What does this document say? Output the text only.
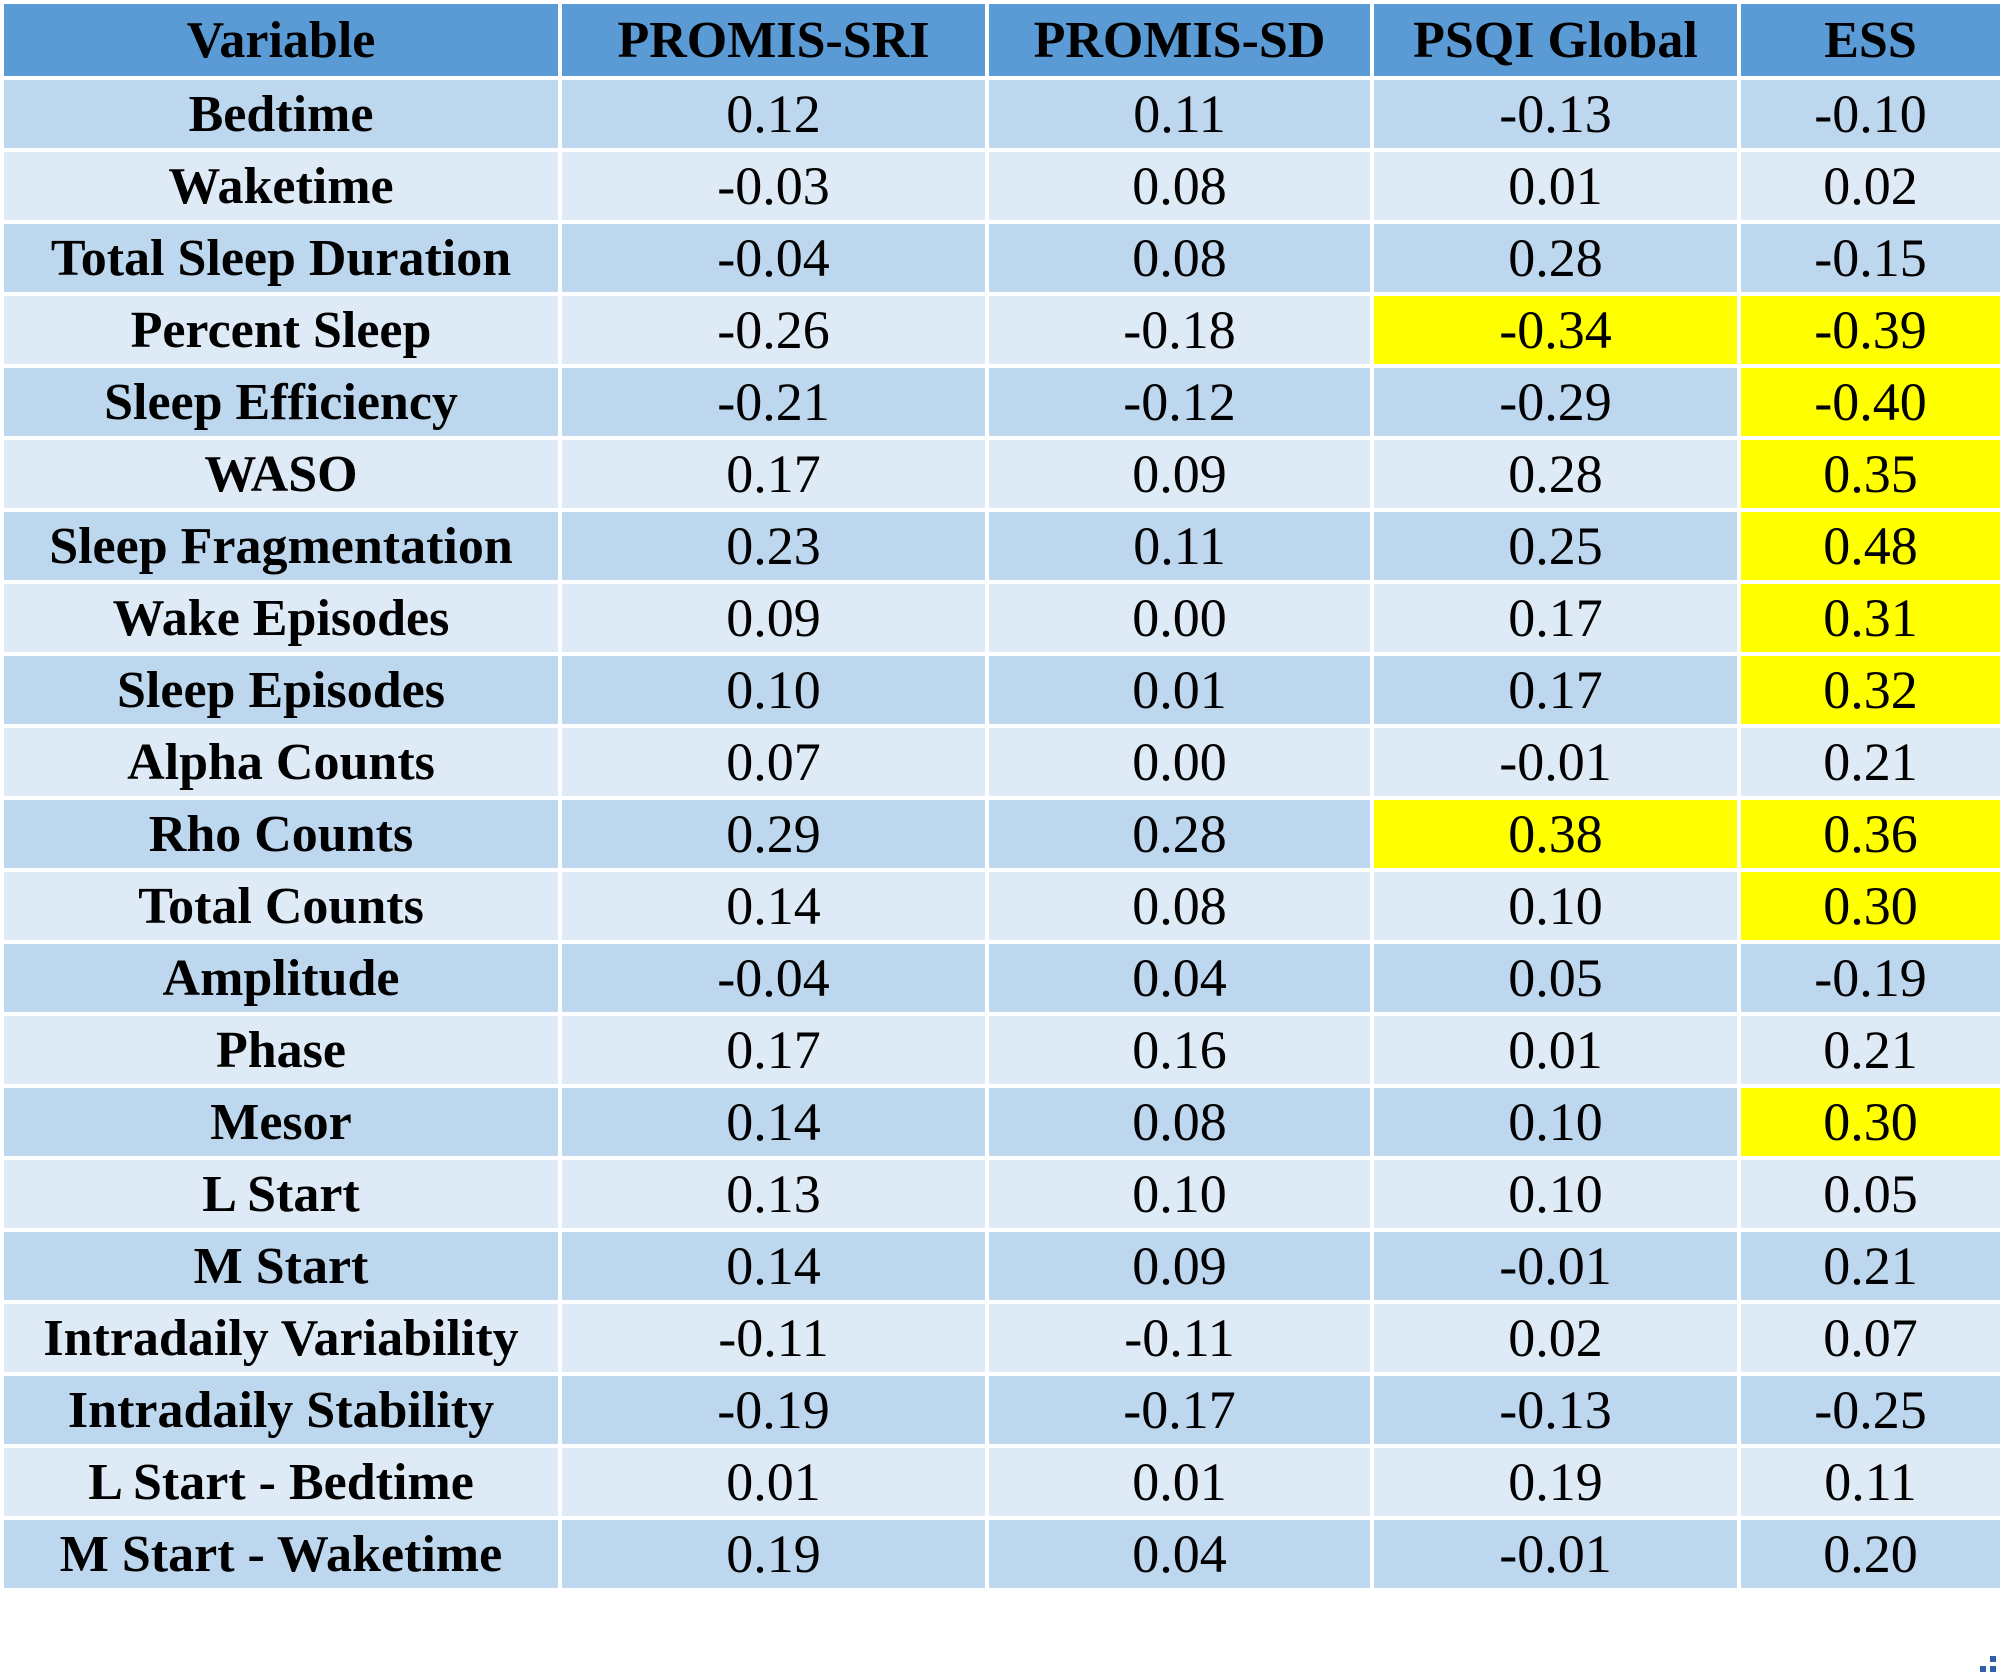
Variable	PROMIS-SRI	PROMIS-SD	PSQI Global	ESS
Bedtime	0.12	0.11	-0.13	-0.10
Waketime	-0.03	0.08	0.01	0.02
Total Sleep Duration	-0.04	0.08	0.28	-0.15
Percent Sleep	-0.26	-0.18	-0.34	-0.39
Sleep Efficiency	-0.21	-0.12	-0.29	-0.40
WASO	0.17	0.09	0.28	0.35
Sleep Fragmentation	0.23	0.11	0.25	0.48
Wake Episodes	0.09	0.00	0.17	0.31
Sleep Episodes	0.10	0.01	0.17	0.32
Alpha Counts	0.07	0.00	-0.01	0.21
Rho Counts	0.29	0.28	0.38	0.36
Total Counts	0.14	0.08	0.10	0.30
Amplitude	-0.04	0.04	0.05	-0.19
Phase	0.17	0.16	0.01	0.21
Mesor	0.14	0.08	0.10	0.30
L Start	0.13	0.10	0.10	0.05
M Start	0.14	0.09	-0.01	0.21
Intradaily Variability	-0.11	-0.11	0.02	0.07
Intradaily Stability	-0.19	-0.17	-0.13	-0.25
L Start - Bedtime	0.01	0.01	0.19	0.11
M Start - Waketime	0.19	0.04	-0.01	0.20
